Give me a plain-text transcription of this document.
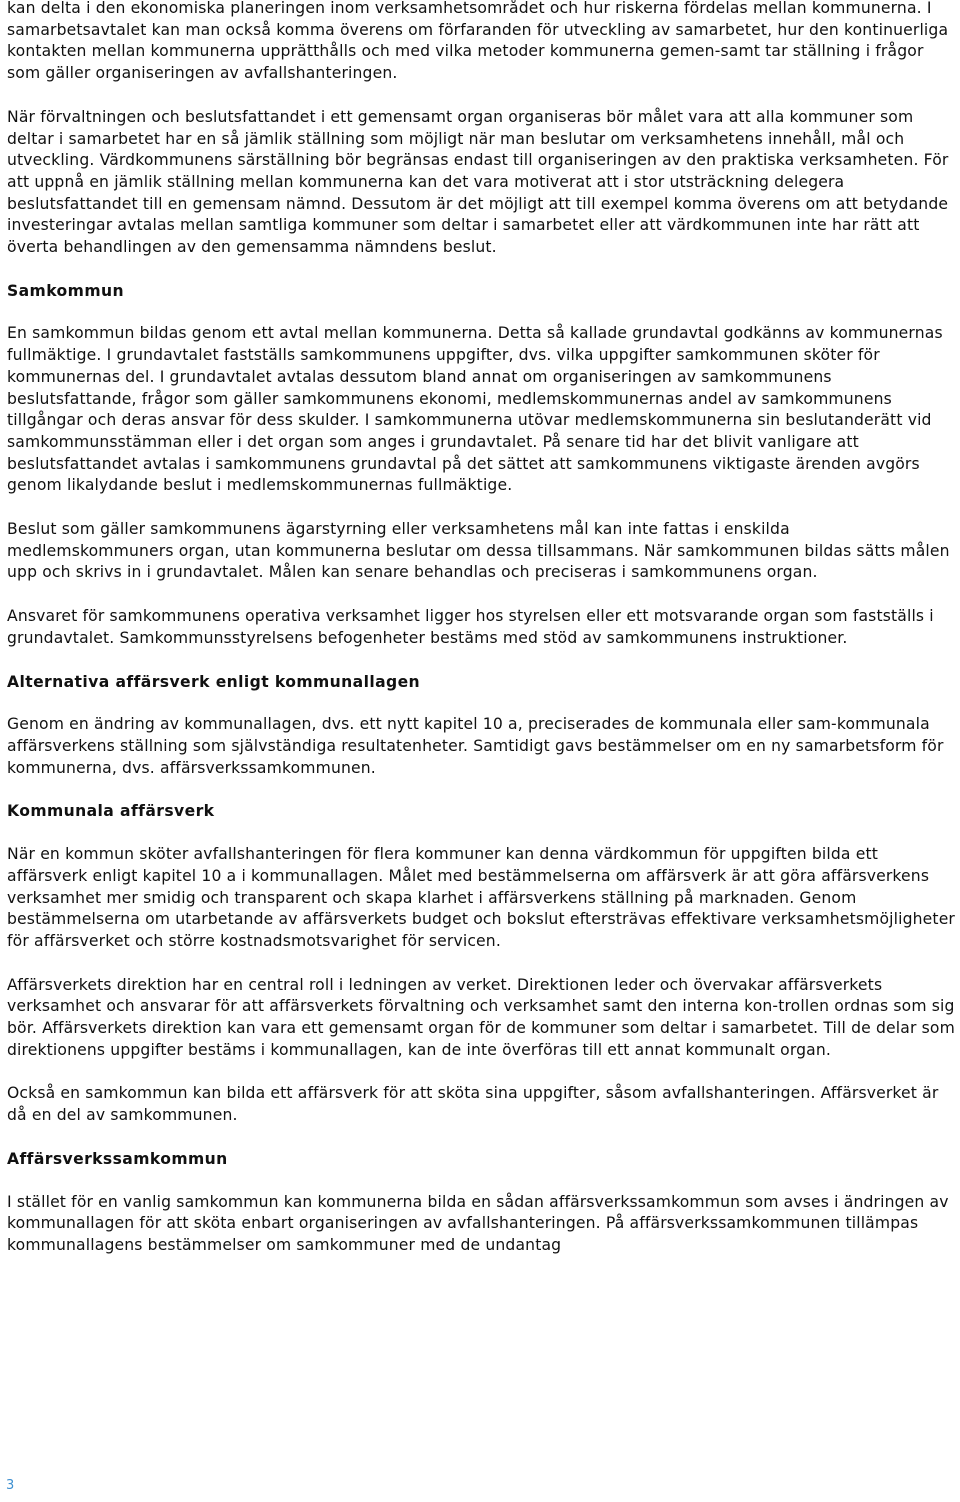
kan delta i den ekonomiska planeringen inom verksamhetsområdet och hur riskerna fördelas mellan kommunerna. I samarbetsavtalet kan man också komma överens om förfaranden för utveckling av samarbetet, hur den kontinuerliga kontakten mellan kommunerna upprätthålls och med vilka metoder kommunerna gemen-samt tar ställning i frågor som gäller organiseringen av avfallshanteringen.

När förvaltningen och beslutsfattandet i ett gemensamt organ organiseras bör målet vara att alla kommuner som deltar i samarbetet har en så jämlik ställning som möjligt när man beslutar om verksamhetens innehåll, mål och utveckling. Värdkommunens särställning bör begränsas endast till organiseringen av den praktiska verksamheten. För att uppnå en jämlik ställning mellan kommunerna kan det vara motiverat att i stor utsträckning delegera beslutsfattandet till en gemensam nämnd. Dessutom är det möjligt att till exempel komma överens om att betydande investeringar avtalas mellan samtliga kommuner som deltar i samarbetet eller att värdkommunen inte har rätt att överta behandlingen av den gemensamma nämndens beslut.

Samkommun

En samkommun bildas genom ett avtal mellan kommunerna. Detta så kallade grundavtal godkänns av kommunernas fullmäktige. I grundavtalet fastställs samkommunens uppgifter, dvs. vilka uppgifter samkommunen sköter för kommunernas del. I grundavtalet avtalas dessutom bland annat om organiseringen av samkommunens beslutsfattande, frågor som gäller samkommunens ekonomi, medlemskommunernas andel av samkommunens tillgångar och deras ansvar för dess skulder. I samkommunerna utövar medlemskommunerna sin beslutanderätt vid samkommunsstämman eller i det organ som anges i grundavtalet. På senare tid har det blivit vanligare att beslutsfattandet avtalas i samkommunens grundavtal på det sättet att samkommunens viktigaste ärenden avgörs genom likalydande beslut i medlemskommunernas fullmäktige.

Beslut som gäller samkommunens ägarstyrning eller verksamhetens mål kan inte fattas i enskilda medlemskommuners organ, utan kommunerna beslutar om dessa tillsammans. När samkommunen bildas sätts målen upp och skrivs in i grundavtalet. Målen kan senare behandlas och preciseras i samkommunens organ.

Ansvaret för samkommunens operativa verksamhet ligger hos styrelsen eller ett motsvarande organ som fastställs i grundavtalet. Samkommunsstyrelsens befogenheter bestäms med stöd av samkommunens instruktioner.

Alternativa affärsverk enligt kommunallagen

Genom en ändring av kommunallagen, dvs. ett nytt kapitel 10 a, preciserades de kommunala eller sam-kommunala affärsverkens ställning som självständiga resultatenheter. Samtidigt gavs bestämmelser om en ny samarbetsform för kommunerna, dvs. affärsverkssamkommunen.

Kommunala affärsverk

När en kommun sköter avfallshanteringen för flera kommuner kan denna värdkommun för uppgiften bilda ett affärsverk enligt kapitel 10 a i kommunallagen. Målet med bestämmelserna om affärsverk är att göra affärsverkens verksamhet mer smidig och transparent och skapa klarhet i affärsverkens ställning på marknaden. Genom bestämmelserna om utarbetande av affärsverkets budget och bokslut eftersträvas effektivare verksamhetsmöjligheter för affärsverket och större kostnadsmotsvarighet för servicen.

Affärsverkets direktion har en central roll i ledningen av verket. Direktionen leder och övervakar affärsverkets verksamhet och ansvarar för att affärsverkets förvaltning och verksamhet samt den interna kon-trollen ordnas som sig bör. Affärsverkets direktion kan vara ett gemensamt organ för de kommuner som deltar i samarbetet. Till de delar som direktionens uppgifter bestäms i kommunallagen, kan de inte överföras till ett annat kommunalt organ.

Också en samkommun kan bilda ett affärsverk för att sköta sina uppgifter, såsom avfallshanteringen. Affärsverket är då en del av samkommunen.

Affärsverkssamkommun

I stället för en vanlig samkommun kan kommunerna bilda en sådan affärsverkssamkommun som avses i ändringen av kommunallagen för att sköta enbart organiseringen av avfallshanteringen. På affärsverkssamkommunen tillämpas kommunallagens bestämmelser om samkommuner med de undantag

3
